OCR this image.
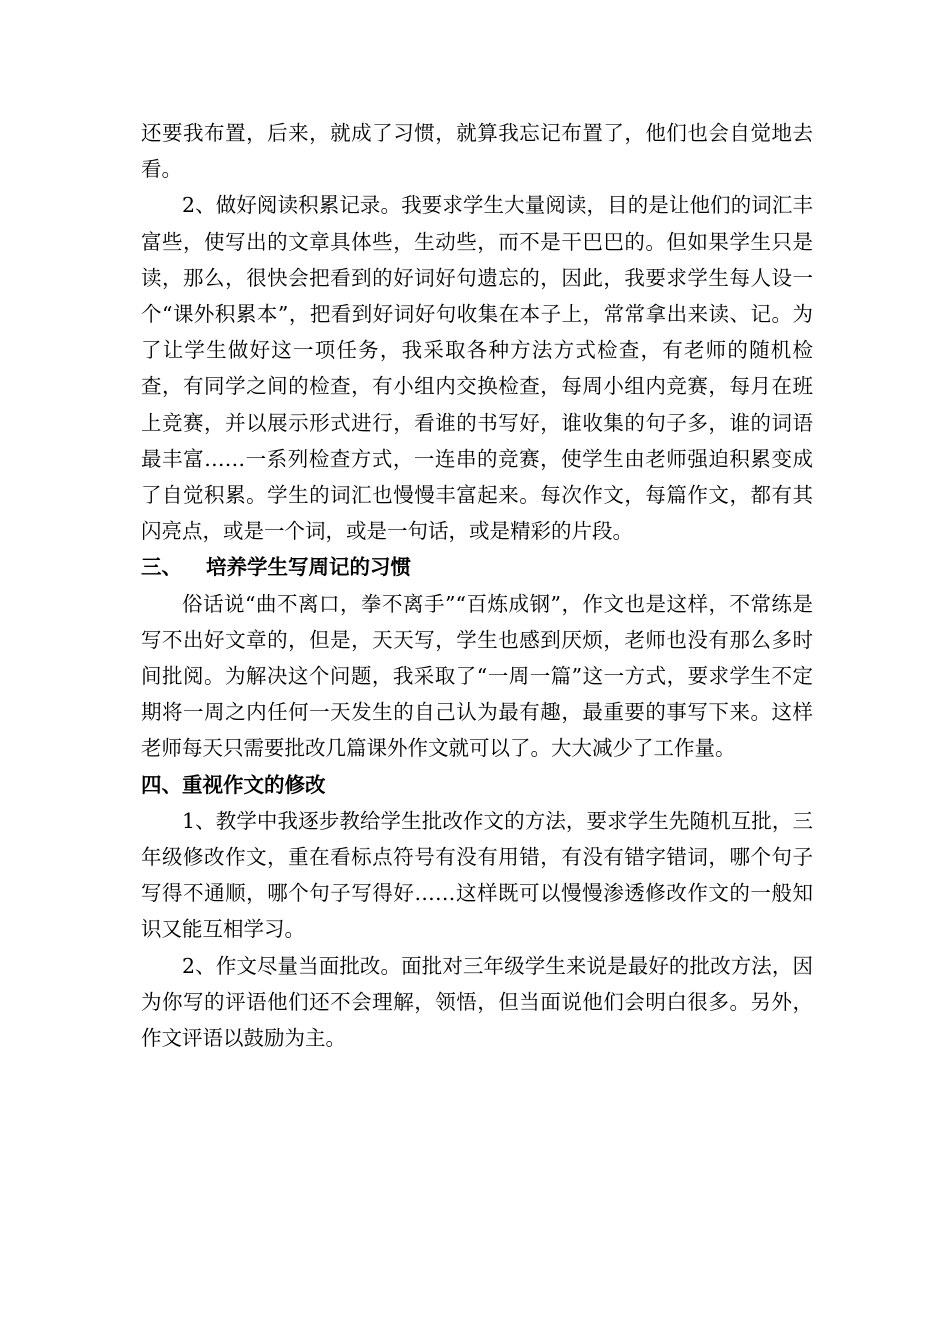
还要我布置，后来，就成了习惯，就算我忘记布置了，他们也会自觉地去看。

2、做好阅读积累记录。我要求学生大量阅读，目的是让他们的词汇丰富些，使写出的文章具体些，生动些，而不是干巴巴的。但如果学生只是读，那么，很快会把看到的好词好句遗忘的，因此，我要求学生每人设一个“课外积累本”，把看到好词好句收集在本子上，常常拿出来读、记。为了让学生做好这一项任务，我采取各种方法方式检查，有老师的随机检查，有同学之间的检查，有小组内交换检查，每周小组内竞赛，每月在班上竞赛，并以展示形式进行，看谁的书写好，谁收集的句子多，谁的词语最丰富……一系列检查方式，一连串的竞赛，使学生由老师强迫积累变成了自觉积累。学生的词汇也慢慢丰富起来。每次作文，每篇作文，都有其闪亮点，或是一个词，或是一句话，或是精彩的片段。

三、 培养学生写周记的习惯

俗话说“曲不离口，拳不离手”“百炼成钢”，作文也是这样，不常练是写不出好文章的，但是，天天写，学生也感到厌烦，老师也没有那么多时间批阅。为解决这个问题，我采取了“一周一篇”这一方式，要求学生不定期将一周之内任何一天发生的自己认为最有趣，最重要的事写下来。这样老师每天只需要批改几篇课外作文就可以了。大大减少了工作量。

四、重视作文的修改

1、教学中我逐步教给学生批改作文的方法，要求学生先随机互批，三年级修改作文，重在看标点符号有没有用错，有没有错字错词，哪个句子写得不通顺，哪个句子写得好……这样既可以慢慢渗透修改作文的一般知识又能互相学习。

2、作文尽量当面批改。面批对三年级学生来说是最好的批改方法，因为你写的评语他们还不会理解，领悟，但当面说他们会明白很多。另外，作文评语以鼓励为主。
